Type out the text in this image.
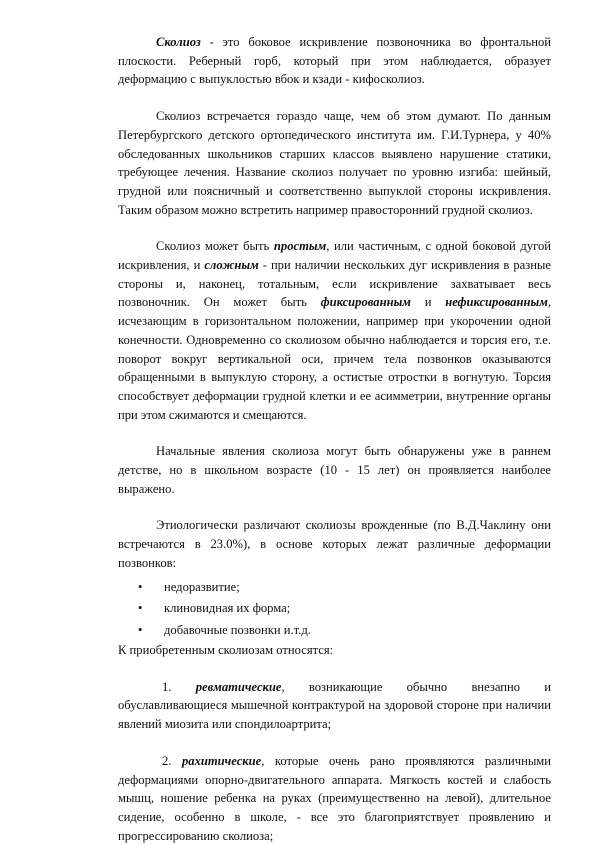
Сколиоз - это боковое искривление позвоночника во фронтальной плоскости. Реберный горб, который при этом наблюдается, образует деформацию с выпуклостью вбок и кзади - кифосколиоз.

Сколиоз встречается гораздо чаще, чем об этом думают. По данным Петербургского детского ортопедического института им. Г.И.Турнера, у 40% обследованных школьников старших классов выявлено нарушение статики, требующее лечения. Название сколиоз получает по уровню изгиба: шейный, грудной или поясничный и соответственно выпуклой стороны искривления. Таким образом можно встретить например правосторонний грудной сколиоз.

Сколиоз может быть простым, или частичным, с одной боковой дугой искривления, и сложным - при наличии нескольких дуг искривления в разные стороны и, наконец, тотальным, если искривление захватывает весь позвоночник. Он может быть фиксированным и нефиксированным, исчезающим в горизонтальном положении, например при укорочении одной конечности. Одновременно со сколиозом обычно наблюдается и торсия его, т.е. поворот вокруг вертикальной оси, причем тела позвонков оказываются обращенными в выпуклую сторону, а остистые отростки в вогнутую. Торсия способствует деформации грудной клетки и ее асимметрии, внутренние органы при этом сжимаются и смещаются.

Начальные явления сколиоза могут быть обнаружены уже в раннем детстве, но в школьном возрасте (10 - 15 лет) он проявляется наиболее выражено.

Этиологически различают сколиозы врожденные (по В.Д.Чаклину они встречаются в 23.0%), в основе которых лежат различные деформации позвонков:

• недоразвитие;
• клиновидная их форма;
• добавочные позвонки и.т.д.

К приобретенным сколиозам относятся:

1. ревматические, возникающие обычно внезапно и обуславливающиеся мышечной контрактурой на здоровой стороне при наличии явлений миозита или спондилоартрита;

2. рахитические, которые очень рано проявляются различными деформациями опорно-двигательного аппарата. Мягкость костей и слабость мышц, ношение ребенка на руках (преимущественно на левой), длительное сидение, особенно в школе, - все это благоприятствует проявлению и прогрессированию сколиоза;
